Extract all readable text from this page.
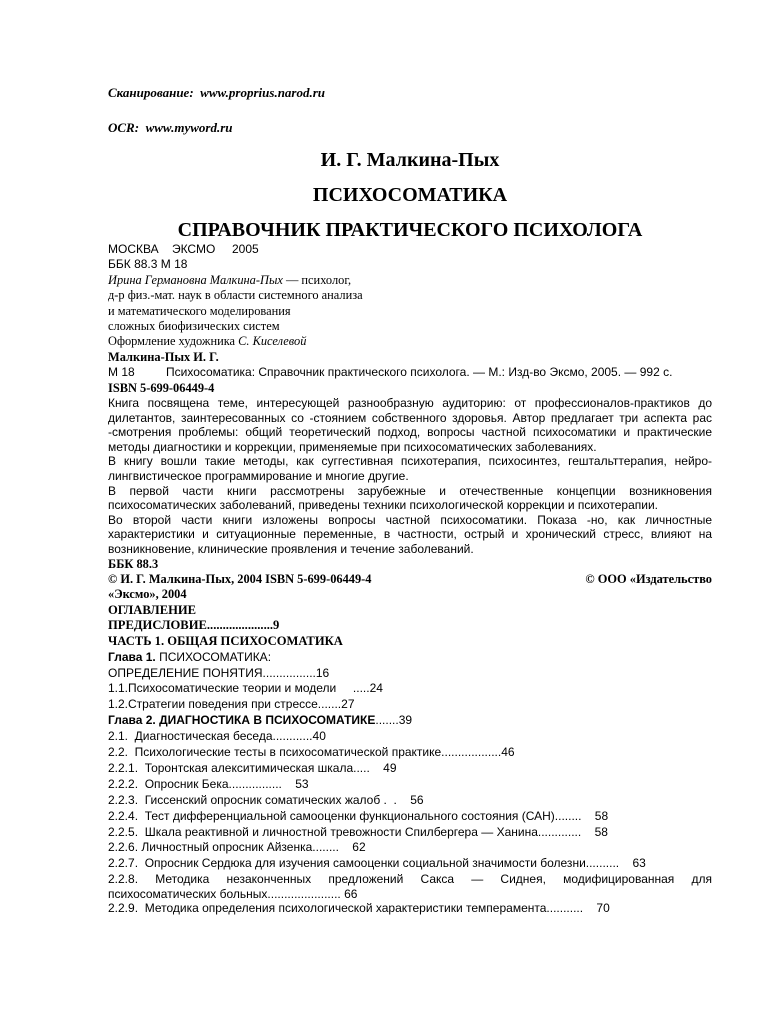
Сканирование: www.proprius.narod.ru
OCR: www.myword.ru
И. Г. Малкина-Пых
ПСИХОСОМАТИКА
СПРАВОЧНИК ПРАКТИЧЕСКОГО ПСИХОЛОГА
МОСКВА ЭКСМО 2005
ББК 88.3 М 18
Ирина Германовна Малкина-Пых — психолог,
д-р физ.-мат. наук в области системного анализа
и математического моделирования
сложных биофизических систем
Оформление художника С. Киселевой
Малкина-Пых И. Г.
М 18	Психосоматика: Справочник практического психолога. — М.: Изд-во Эксмо, 2005. — 992 с.
ISBN 5-699-06449-4
Книга посвящена теме, интересующей разнообразную аудиторию: от профессионалов-практиков до дилетантов, заинтересованных со -стоянием собственного здоровья. Автор предлагает три аспекта рас -смотрения проблемы: общий теоретический подход, вопросы частной психосоматики и практические методы диагностики и коррекции, применяемые при психосоматических заболеваниях.
В книгу вошли такие методы, как суггестивная психотерапия, психосинтез, гештальттерапия, нейро-лингвистическое программирование и многие другие.
В первой части книги рассмотрены зарубежные и отечественные концепции возникновения психосоматических заболеваний, приведены техники психологической коррекции и психотерапии.
Во второй части книги изложены вопросы частной психосоматики. Показа -но, как личностные характеристики и ситуационные переменные, в частности, острый и хронический стресс, влияют на возникновение, клинические проявления и течение заболеваний.
ББК 88.3
© И. Г. Малкина-Пых, 2004 ISBN 5-699-06449-4	© ООО «Издательство
«Эксмо», 2004
ОГЛАВЛЕНИЕ
ПРЕДИСЛОВИЕ.....................9
ЧАСТЬ 1. ОБЩАЯ ПСИХОСОМАТИКА
Глава 1. ПСИХОСОМАТИКА:
ОПРЕДЕЛЕНИЕ ПОНЯТИЯ................16
1.1.Психосоматические теории и модели     .....24
1.2.Стратегии поведения при стрессе.......27
Глава 2. ДИАГНОСТИКА В ПСИХОСОМАТИКЕ.......39
2.1.  Диагностическая беседа............40
2.2.  Психологические тесты в психосоматической практике..................46
2.2.1.  Торонтская алекситимическая шкала.....    49
2.2.2.  Опросник Бека................    53
2.2.3.  Гиссенский опросник соматических жалоб .  .    56
2.2.4.  Тест дифференциальной самооценки функционального состояния (САН)........    58
2.2.5.  Шкала реактивной и личностной тревожности Спилбергера — Ханина.............    58
2.2.6. Личностный опросник Айзенка........    62
2.2.7.  Опросник Сердюка для изучения самооценки социальной значимости болезни..........    63
2.2.8. Методика незаконченных предложений Сакса — Сиднея, модифицированная для психосоматических больных...................... 66
2.2.9.  Методика определения психологической характеристики темперамента...........    70
